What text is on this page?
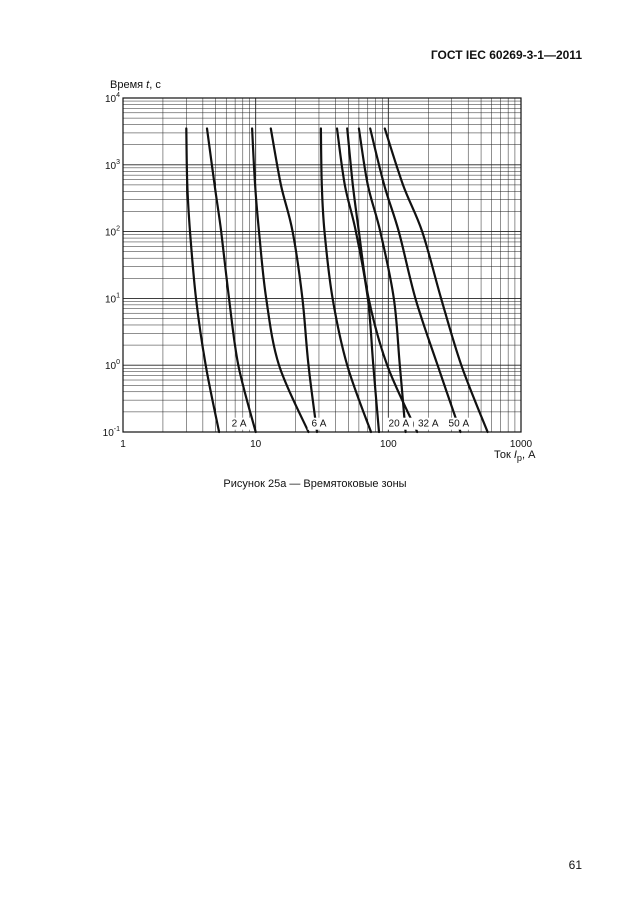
ГОСТ IEC 60269-3-1—2011
Время t, c
1	10	100	1000
$10^{-1}$
$10^0$
$10^1$
$10^2$
$10^3$
$10^4$
2 А	6 А	20 А 32 А 50 А
Ток $I_p$, А
Рисунок 25а — Времятоковые зоны
61
